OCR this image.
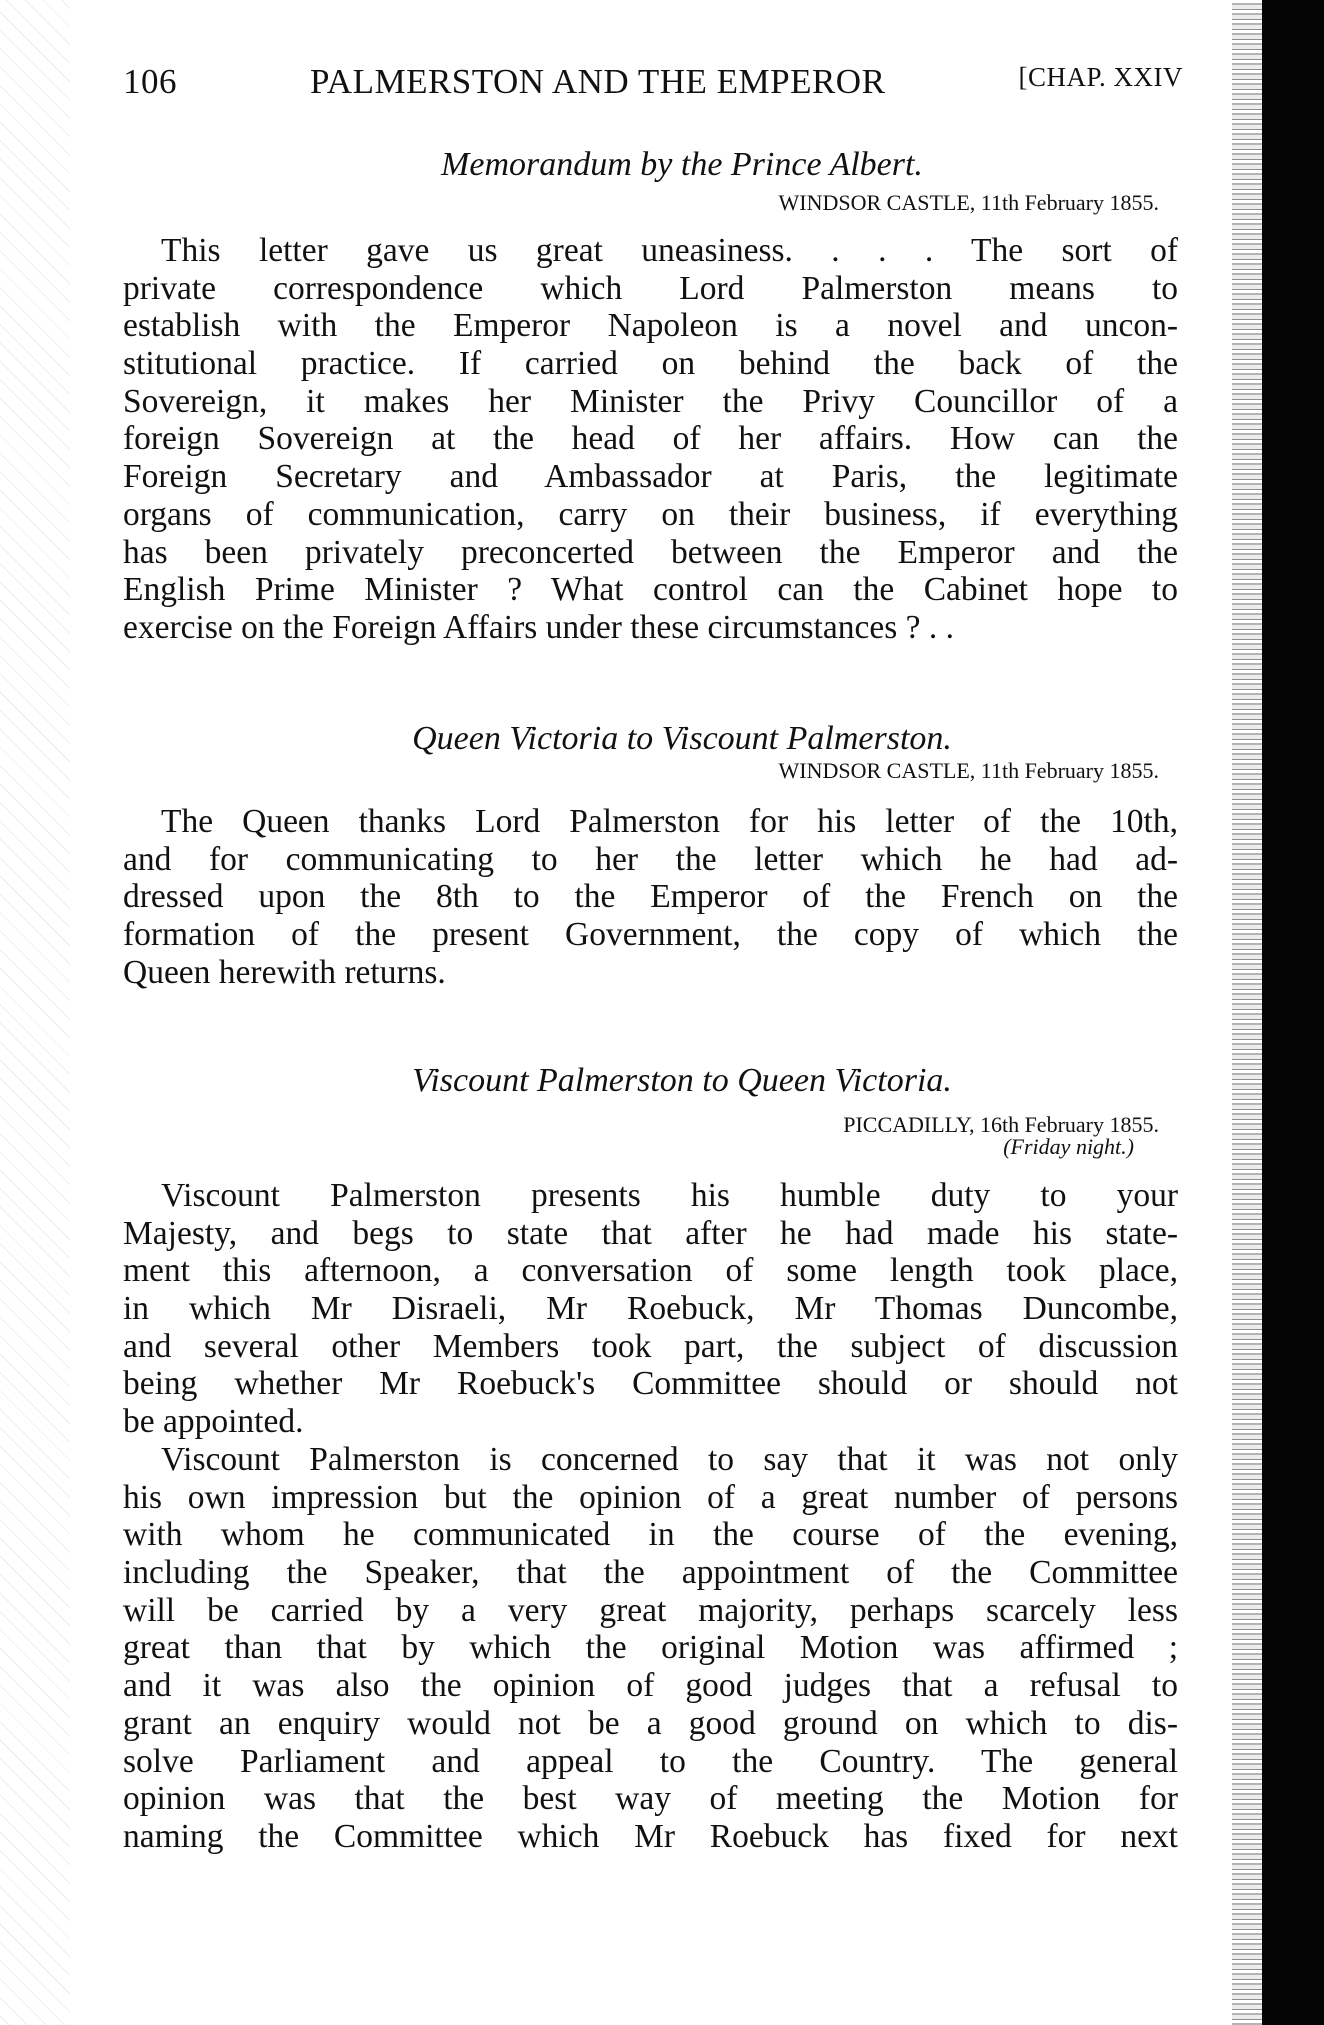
106	PALMERSTON AND THE EMPEROR	[CHAP. XXIV
Memorandum by the Prince Albert.
WINDSOR CASTLE, 11th February 1855.
This letter gave us great uneasiness. . . . The sort of
private correspondence which Lord Palmerston means to
establish with the Emperor Napoleon is a novel and uncon-
stitutional practice. If carried on behind the back of the
Sovereign, it makes her Minister the Privy Councillor of a
foreign Sovereign at the head of her affairs. How can the
Foreign Secretary and Ambassador at Paris, the legitimate
organs of communication, carry on their business, if everything
has been privately preconcerted between the Emperor and the
English Prime Minister ? What control can the Cabinet hope to
exercise on the Foreign Affairs under these circumstances ? . .
Queen Victoria to Viscount Palmerston.
WINDSOR CASTLE, 11th February 1855.
The Queen thanks Lord Palmerston for his letter of the 10th,
and for communicating to her the letter which he had ad-
dressed upon the 8th to the Emperor of the French on the
formation of the present Government, the copy of which the
Queen herewith returns.
Viscount Palmerston to Queen Victoria.
PICCADILLY, 16th February 1855.
(Friday night.)
Viscount Palmerston presents his humble duty to your
Majesty, and begs to state that after he had made his state-
ment this afternoon, a conversation of some length took place,
in which Mr Disraeli, Mr Roebuck, Mr Thomas Duncombe,
and several other Members took part, the subject of discussion
being whether Mr Roebuck's Committee should or should not
be appointed.
Viscount Palmerston is concerned to say that it was not only
his own impression but the opinion of a great number of persons
with whom he communicated in the course of the evening,
including the Speaker, that the appointment of the Committee
will be carried by a very great majority, perhaps scarcely less
great than that by which the original Motion was affirmed ;
and it was also the opinion of good judges that a refusal to
grant an enquiry would not be a good ground on which to dis-
solve Parliament and appeal to the Country. The general
opinion was that the best way of meeting the Motion for
naming the Committee which Mr Roebuck has fixed for next
